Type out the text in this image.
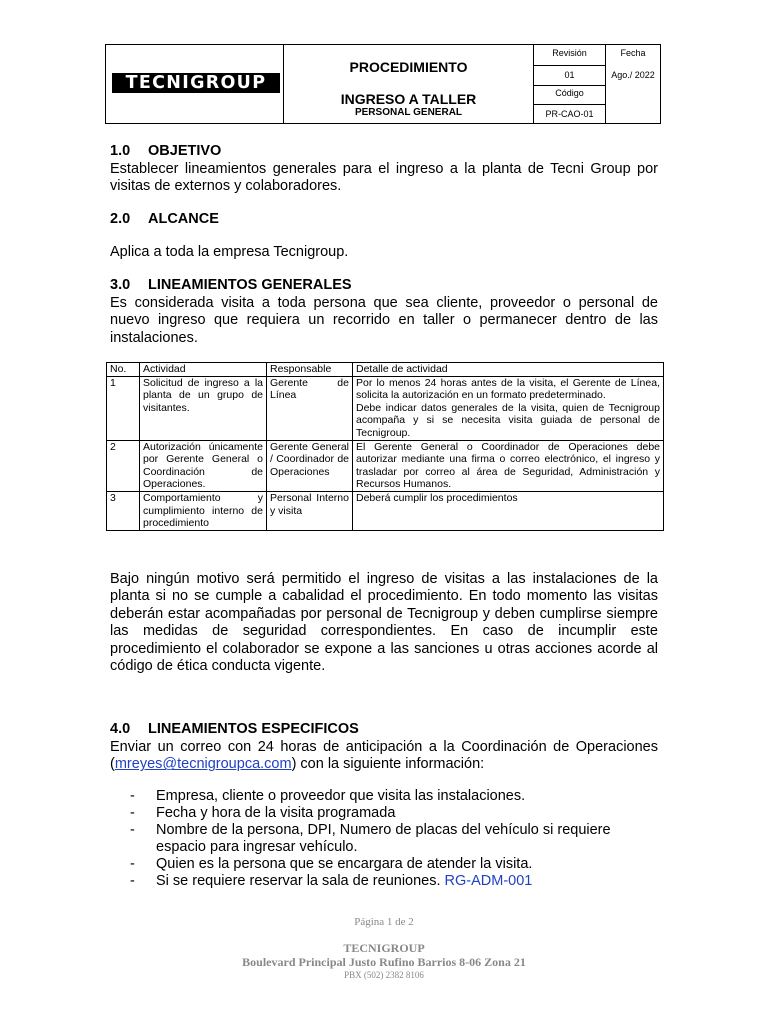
TECNIGROUP
PROCEDIMIENTO
INGRESO A TALLER
PERSONAL GENERAL
Revisión
01
Código
PR-CAO-01
Fecha
Ago./ 2022
1.0 OBJETIVO
Establecer lineamientos generales para el ingreso a la planta de Tecni Group por visitas de externos y colaboradores.
2.0 ALCANCE
Aplica a toda la empresa Tecnigroup.
3.0 LINEAMIENTOS GENERALES
Es considerada visita a toda persona que sea cliente, proveedor o personal de nuevo ingreso que requiera un recorrido en taller o permanecer dentro de las instalaciones.
No.	Actividad	Responsable	Detalle de actividad
1	Solicitud de ingreso a la planta de un grupo de visitantes.	Gerente de Línea	Por lo menos 24 horas antes de la visita, el Gerente de Línea, solicita la autorización en un formato predeterminado.
Debe indicar datos generales de la visita, quien de Tecnigroup acompaña y si se necesita visita guiada de personal de Tecnigroup.

2	Autorización únicamente por Gerente General o Coordinación de Operaciones.	Gerente General / Coordinador de Operaciones	El Gerente General o Coordinador de Operaciones debe autorizar mediante una firma o correo electrónico, el ingreso y trasladar por correo al área de Seguridad, Administración y Recursos Humanos.
3	Comportamiento y cumplimiento interno de procedimiento	Personal Interno y visita	Deberá cumplir los procedimientos
Bajo ningún motivo será permitido el ingreso de visitas a las instalaciones de la planta si no se cumple a cabalidad el procedimiento. En todo momento las visitas deberán estar acompañadas por personal de Tecnigroup y deben cumplirse siempre las medidas de seguridad correspondientes. En caso de incumplir este procedimiento el colaborador se expone a las sanciones u otras acciones acorde al código de ética conducta vigente.
4.0 LINEAMIENTOS ESPECIFICOS
Enviar un correo con 24 horas de anticipación a la Coordinación de Operaciones (mreyes@tecnigroupca.com) con la siguiente información:
- Empresa, cliente o proveedor que visita las instalaciones.
- Fecha y hora de la visita programada
- Nombre de la persona, DPI, Numero de placas del vehículo si requiere espacio para ingresar vehículo.
- Quien es la persona que se encargara de atender la visita.
- Si se requiere reservar la sala de reuniones. RG-ADM-001
Página 1 de 2
TECNIGROUP
Boulevard Principal Justo Rufino Barrios 8-06 Zona 21
PBX (502) 2382 8106
